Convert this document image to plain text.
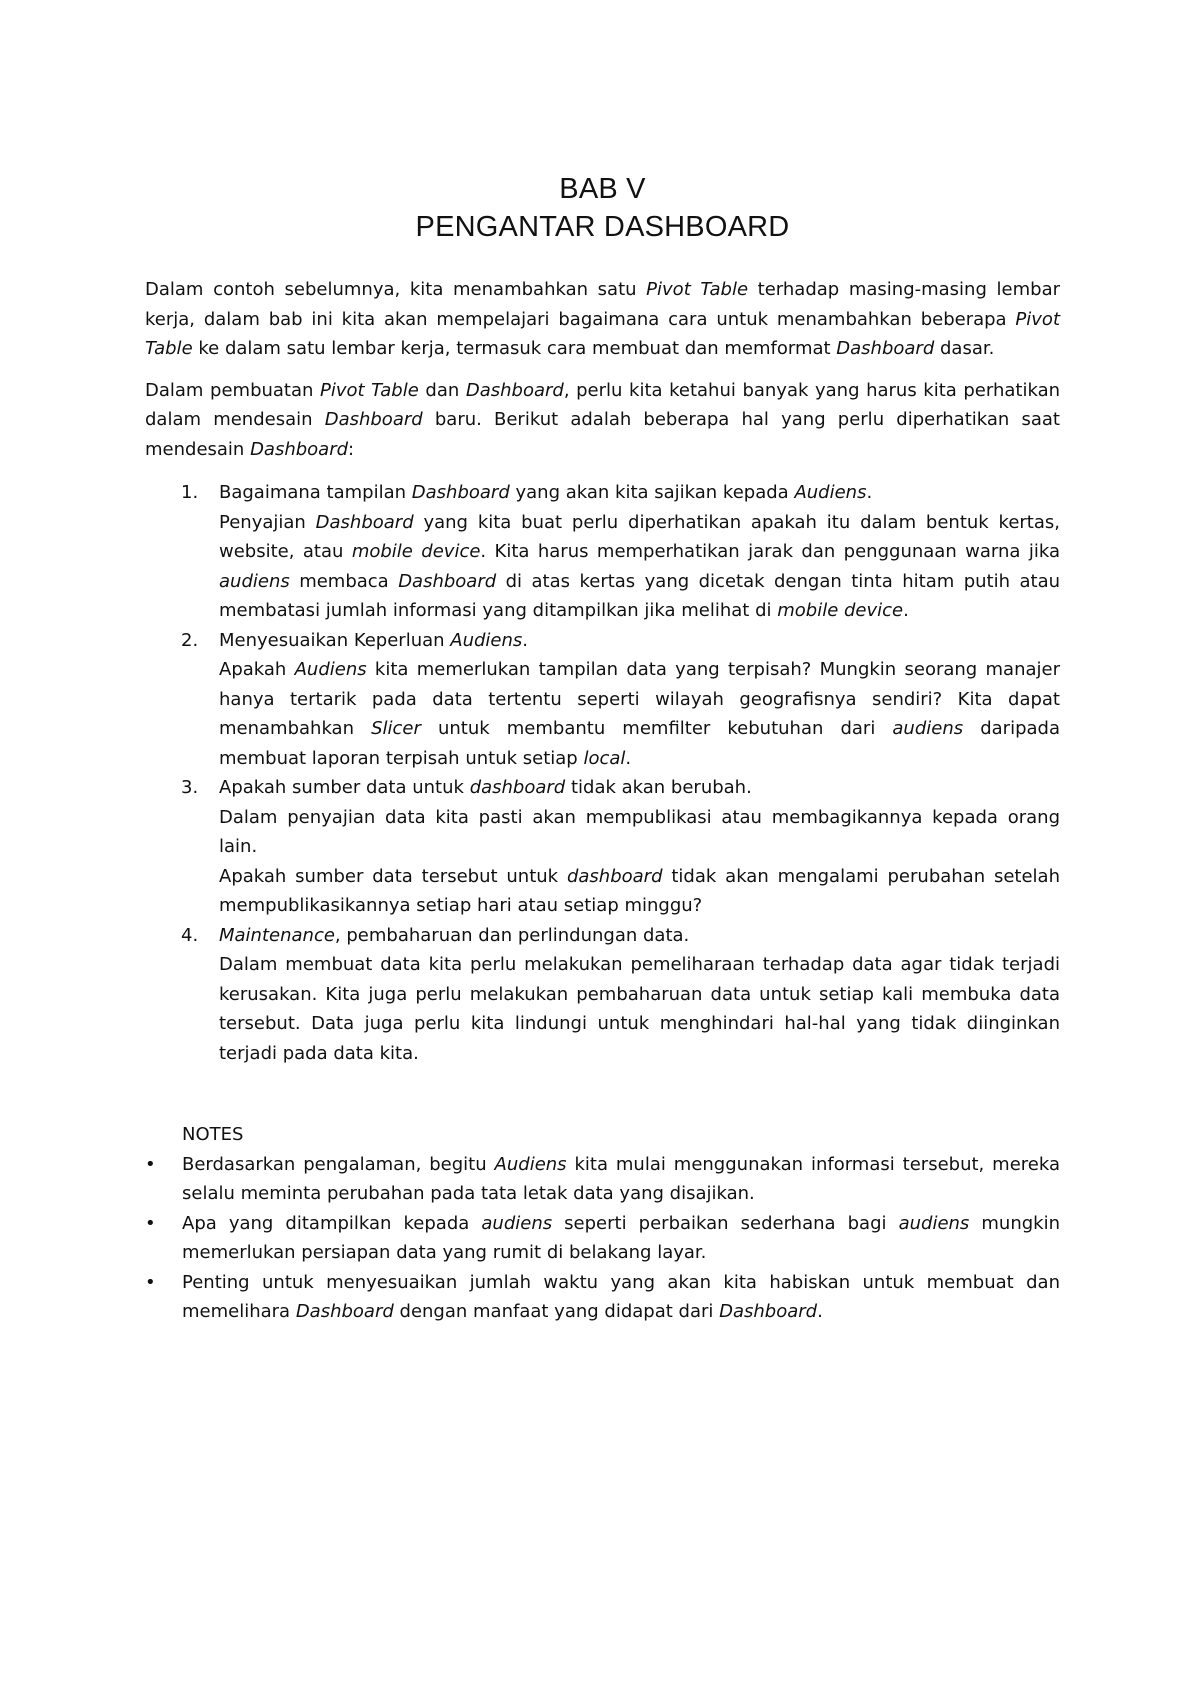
BAB V
PENGANTAR DASHBOARD

Dalam contoh sebelumnya, kita menambahkan satu Pivot Table terhadap masing-masing lembar kerja, dalam bab ini kita akan mempelajari bagaimana cara untuk menambahkan beberapa Pivot Table ke dalam satu lembar kerja, termasuk cara membuat dan memformat Dashboard dasar.

Dalam pembuatan Pivot Table dan Dashboard, perlu kita ketahui banyak yang harus kita perhatikan dalam mendesain Dashboard baru. Berikut adalah beberapa hal yang perlu diperhatikan saat mendesain Dashboard:

1. Bagaimana tampilan Dashboard yang akan kita sajikan kepada Audiens.
Penyajian Dashboard yang kita buat perlu diperhatikan apakah itu dalam bentuk kertas, website, atau mobile device. Kita harus memperhatikan jarak dan penggunaan warna jika audiens membaca Dashboard di atas kertas yang dicetak dengan tinta hitam putih atau membatasi jumlah informasi yang ditampilkan jika melihat di mobile device.
2. Menyesuaikan Keperluan Audiens.
Apakah Audiens kita memerlukan tampilan data yang terpisah? Mungkin seorang manajer hanya tertarik pada data tertentu seperti wilayah geografisnya sendiri? Kita dapat menambahkan Slicer untuk membantu memfilter kebutuhan dari audiens daripada membuat laporan terpisah untuk setiap local.
3. Apakah sumber data untuk dashboard tidak akan berubah.
Dalam penyajian data kita pasti akan mempublikasi atau membagikannya kepada orang lain.
Apakah sumber data tersebut untuk dashboard tidak akan mengalami perubahan setelah mempublikasikannya setiap hari atau setiap minggu?
4. Maintenance, pembaharuan dan perlindungan data.
Dalam membuat data kita perlu melakukan pemeliharaan terhadap data agar tidak terjadi kerusakan. Kita juga perlu melakukan pembaharuan data untuk setiap kali membuka data tersebut. Data juga perlu kita lindungi untuk menghindari hal-hal yang tidak diinginkan terjadi pada data kita.
NOTES
• Berdasarkan pengalaman, begitu Audiens kita mulai menggunakan informasi tersebut, mereka selalu meminta perubahan pada tata letak data yang disajikan.
• Apa yang ditampilkan kepada audiens seperti perbaikan sederhana bagi audiens mungkin memerlukan persiapan data yang rumit di belakang layar.
• Penting untuk menyesuaikan jumlah waktu yang akan kita habiskan untuk membuat dan memelihara Dashboard dengan manfaat yang didapat dari Dashboard.
